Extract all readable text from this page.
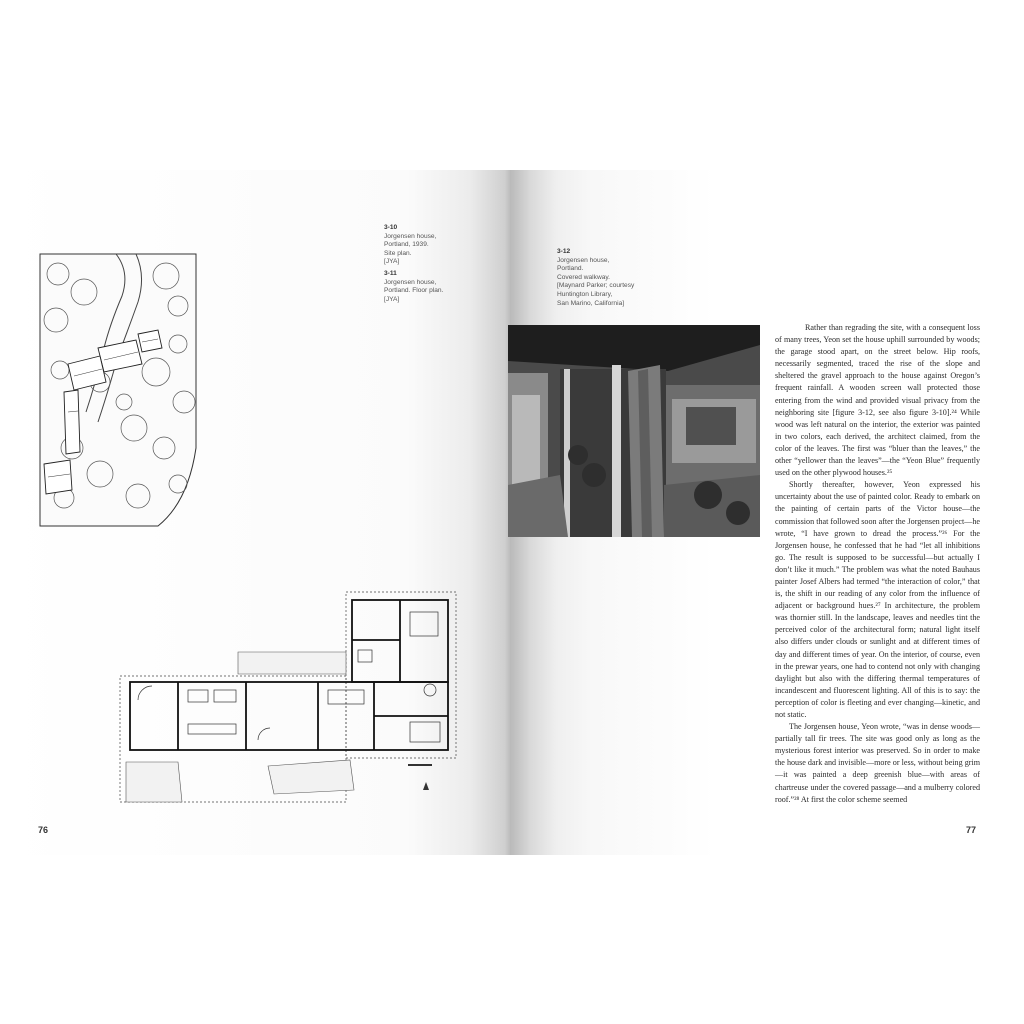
3-10
Jorgensen house,
Portland, 1939.
Site plan.
[JYA]
3-11
Jorgensen house,
Portland. Floor plan.
[JYA]
76
3-12
Jorgensen house,
Portland.
Covered walkway.
[Maynard Parker; courtesy
Huntington Library,
San Marino, California]

Rather than regrading the site, with a consequent loss of many trees, Yeon set the house uphill surrounded by woods; the garage stood apart, on the street below. Hip roofs, necessarily segmented, traced the rise of the slope and sheltered the gravel approach to the house against Oregon’s frequent rainfall. A wooden screen wall protected those entering from the wind and provided visual privacy from the neighboring site [figure 3-12, see also figure 3-10].²⁴ While wood was left natural on the interior, the exterior was painted in two colors, each derived, the architect claimed, from the color of the leaves. The first was “bluer than the leaves,” the other “yellower than the leaves”—the “Yeon Blue” frequently used on the other plywood houses.²⁵

Shortly thereafter, however, Yeon expressed his uncertainty about the use of painted color. Ready to embark on the painting of certain parts of the Victor house—the commission that followed soon after the Jorgensen project—he wrote, “I have grown to dread the process.”²⁶ For the Jorgensen house, he confessed that he had “let all inhibitions go. The result is supposed to be successful—but actually I don’t like it much.” The problem was what the noted Bauhaus painter Josef Albers had termed “the interaction of color,” that is, the shift in our reading of any color from the influence of adjacent or background hues.²⁷ In architecture, the problem was thornier still. In the landscape, leaves and needles tint the perceived color of the architectural form; natural light itself also differs under clouds or sunlight and at different times of day and different times of year. On the interior, of course, even in the prewar years, one had to contend not only with changing daylight but also with the differing thermal temperatures of incandescent and fluorescent lighting. All of this is to say: the perception of color is fleeting and ever changing—kinetic, and not static.

The Jorgensen house, Yeon wrote, “was in dense woods—partially tall fir trees. The site was good only as long as the mysterious forest interior was preserved. So in order to make the house dark and invisible—more or less, without being grim—it was painted a deep greenish blue—with areas of chartreuse under the covered passage—and a mulberry colored roof.”²⁸ At first the color scheme seemed

77
